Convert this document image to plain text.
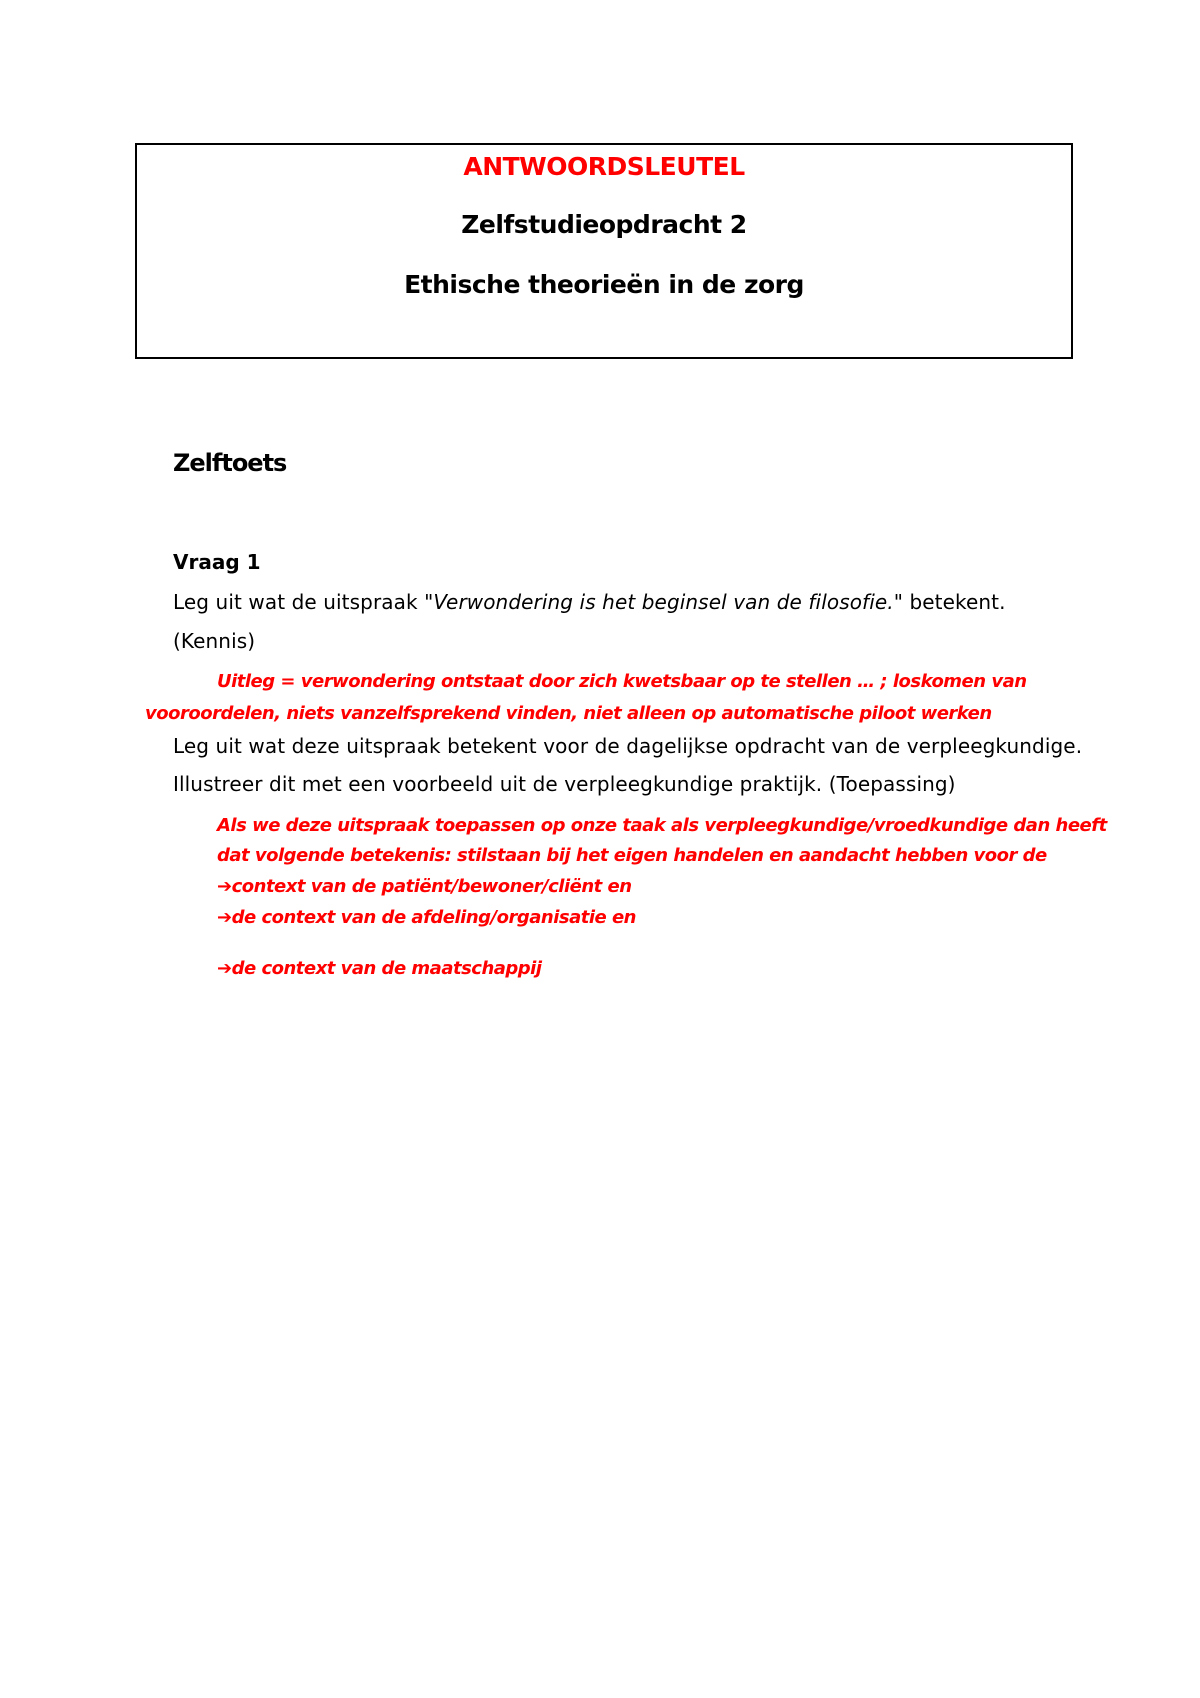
ANTWOORDSLEUTEL
Zelfstudieopdracht 2
Ethische theorieën in de zorg
Zelftoets
Vraag 1
Leg uit wat de uitspraak "Verwondering is het beginsel van de filosofie." betekent.
(Kennis)
Uitleg = verwondering ontstaat door zich kwetsbaar op te stellen … ; loskomen van
vooroordelen, niets vanzelfsprekend vinden, niet alleen op automatische piloot werken
Leg uit wat deze uitspraak betekent voor de dagelijkse opdracht van de verpleegkundige.
Illustreer dit met een voorbeeld uit de verpleegkundige praktijk. (Toepassing)
Als we deze uitspraak toepassen op onze taak als verpleegkundige/vroedkundige dan heeft
dat volgende betekenis: stilstaan bij het eigen handelen en aandacht hebben voor de
➔context van de patiënt/bewoner/cliënt en
➔de context van de afdeling/organisatie en
➔de context van de maatschappij
